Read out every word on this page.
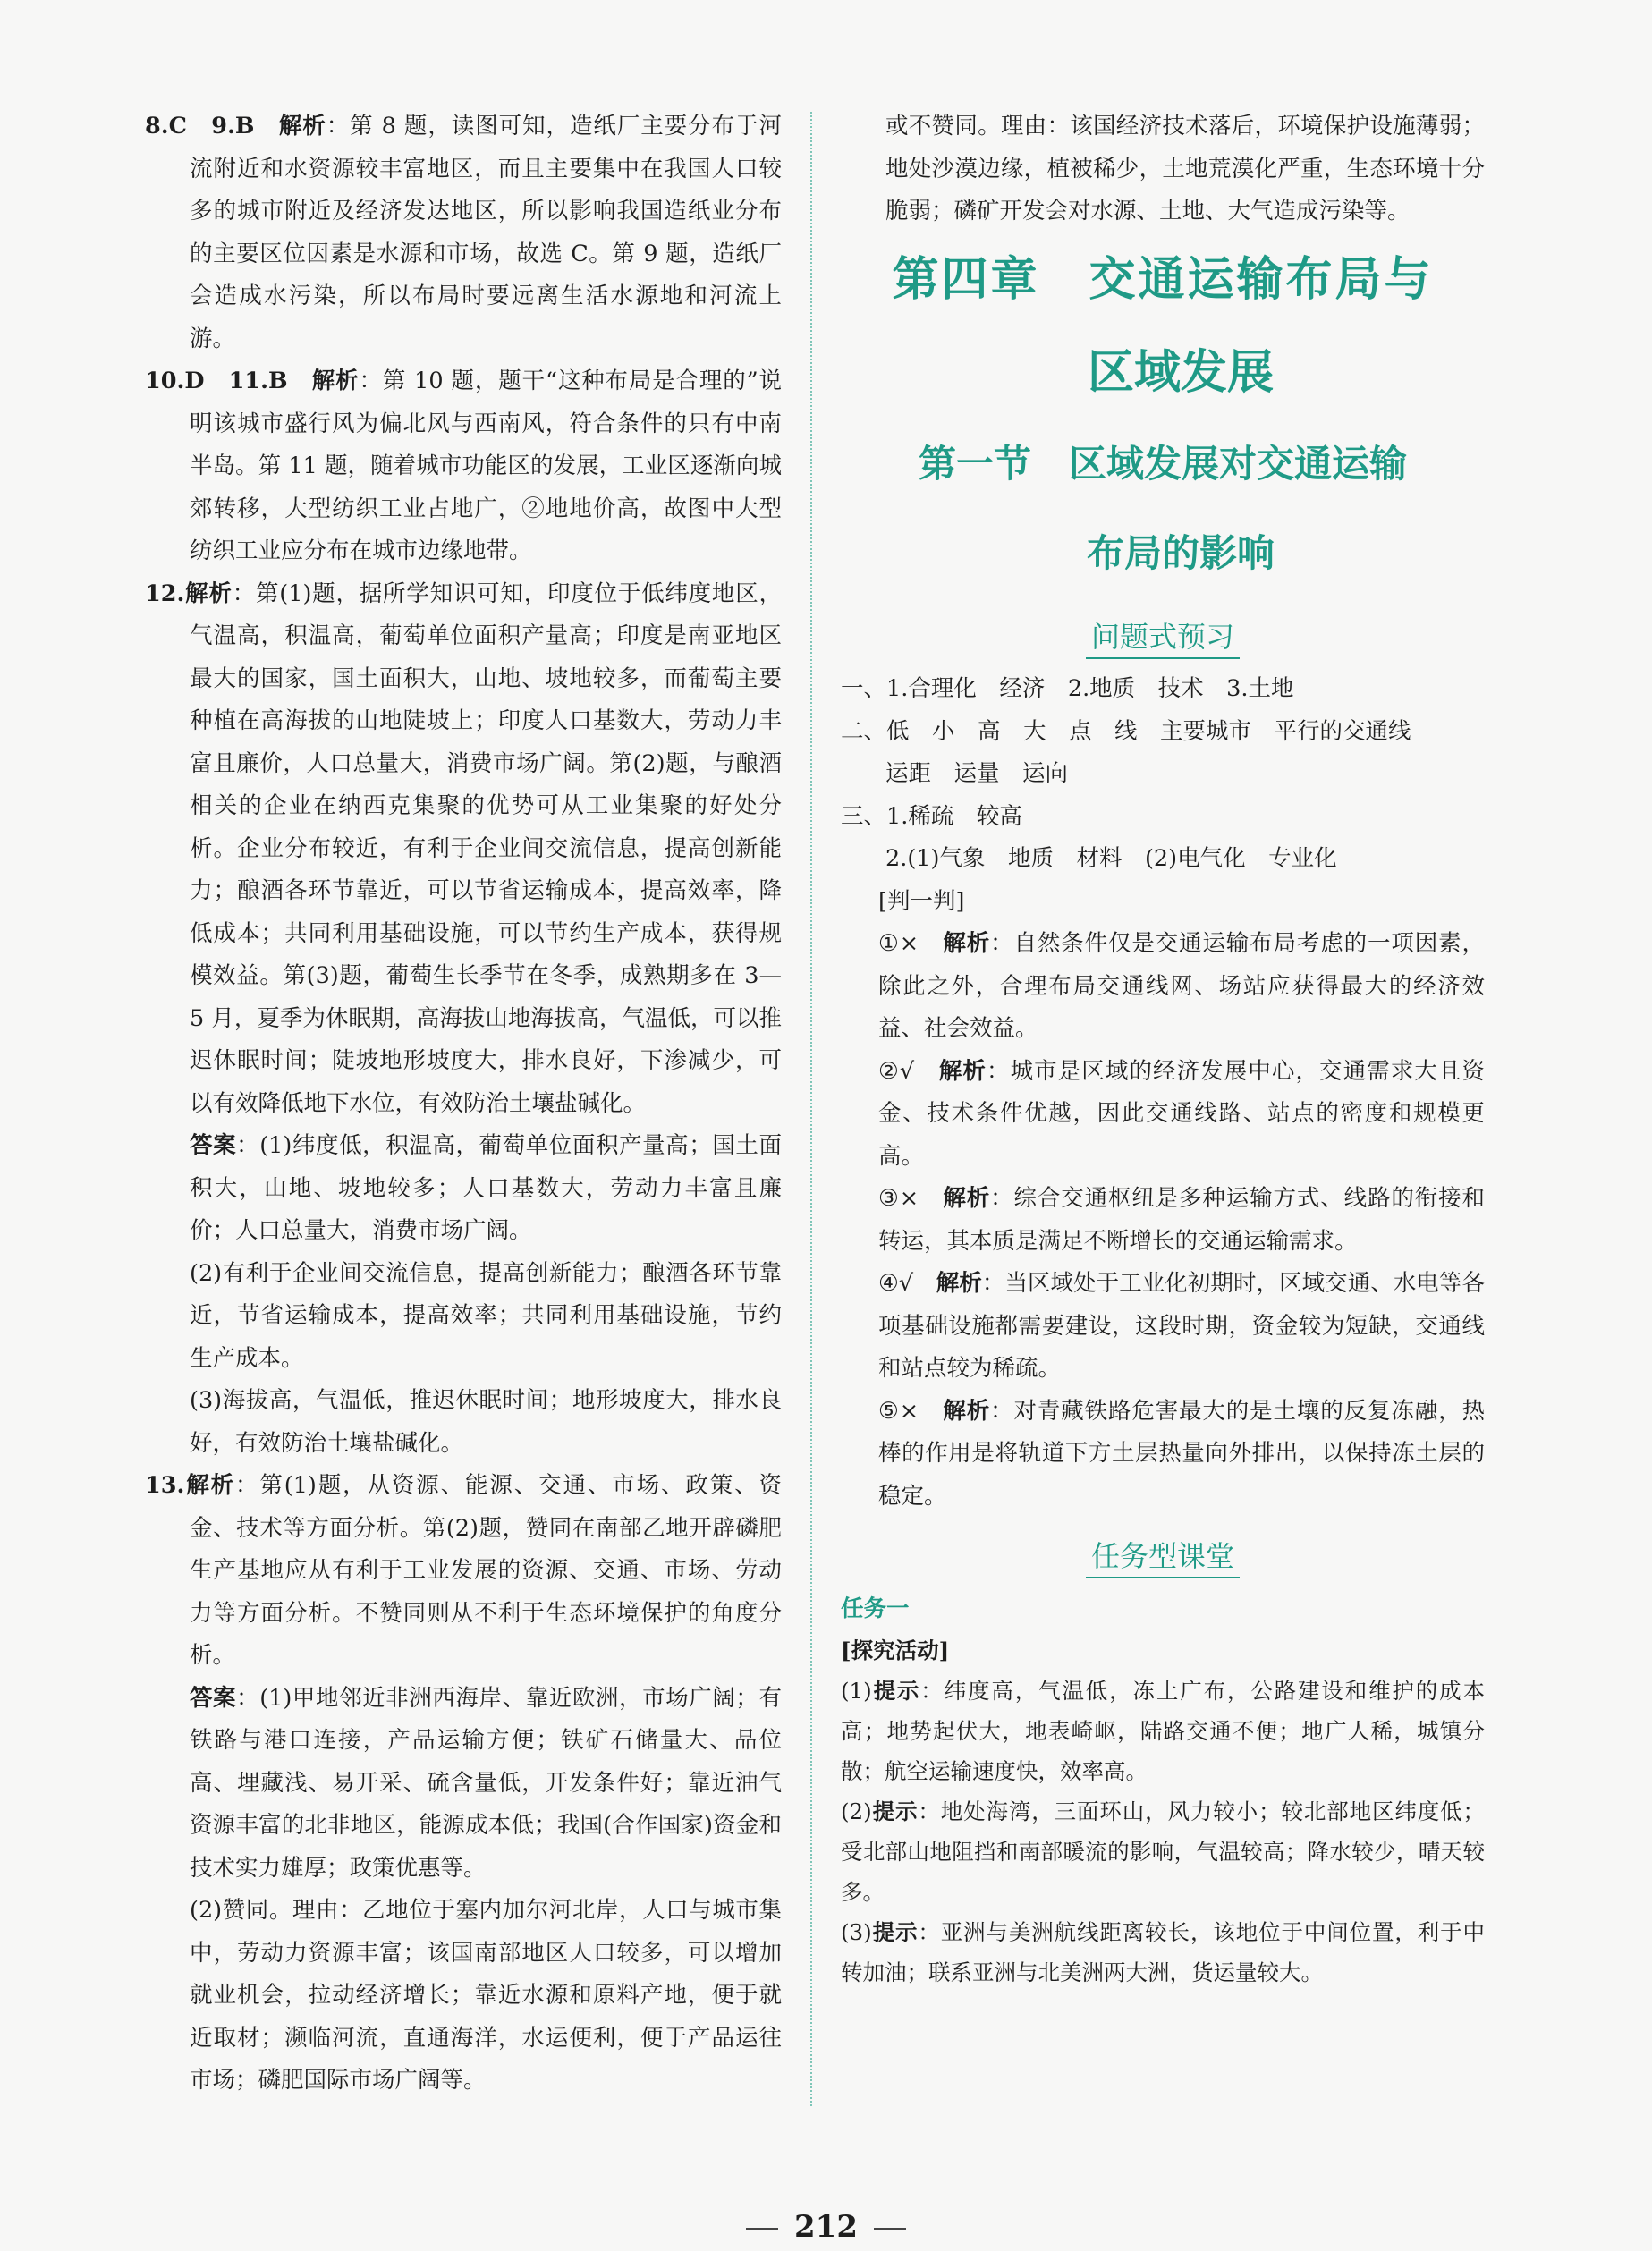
8.C　9.B　解析：第 8 题，读图可知，造纸厂主要分布于河流附近和水资源较丰富地区，而且主要集中在我国人口较多的城市附近及经济发达地区，所以影响我国造纸业分布的主要区位因素是水源和市场，故选 C。第 9 题，造纸厂会造成水污染，所以布局时要远离生活水源地和河流上游。

10.D　11.B　解析：第 10 题，题干“这种布局是合理的”说明该城市盛行风为偏北风与西南风，符合条件的只有中南半岛。第 11 题，随着城市功能区的发展，工业区逐渐向城郊转移，大型纺织工业占地广，②地地价高，故图中大型纺织工业应分布在城市边缘地带。

12.解析：第(1)题，据所学知识可知，印度位于低纬度地区，气温高，积温高，葡萄单位面积产量高；印度是南亚地区最大的国家，国土面积大，山地、坡地较多，而葡萄主要种植在高海拔的山地陡坡上；印度人口基数大，劳动力丰富且廉价，人口总量大，消费市场广阔。第(2)题，与酿酒相关的企业在纳西克集聚的优势可从工业集聚的好处分析。企业分布较近，有利于企业间交流信息，提高创新能力；酿酒各环节靠近，可以节省运输成本，提高效率，降低成本；共同利用基础设施，可以节约生产成本，获得规模效益。第(3)题，葡萄生长季节在冬季，成熟期多在 3—5 月，夏季为休眠期，高海拔山地海拔高，气温低，可以推迟休眠时间；陡坡地形坡度大，排水良好，下渗减少，可以有效降低地下水位，有效防治土壤盐碱化。

答案：(1)纬度低，积温高，葡萄单位面积产量高；国土面积大，山地、坡地较多；人口基数大，劳动力丰富且廉价；人口总量大，消费市场广阔。

(2)有利于企业间交流信息，提高创新能力；酿酒各环节靠近，节省运输成本，提高效率；共同利用基础设施，节约生产成本。

(3)海拔高，气温低，推迟休眠时间；地形坡度大，排水良好，有效防治土壤盐碱化。

13.解析：第(1)题，从资源、能源、交通、市场、政策、资金、技术等方面分析。第(2)题，赞同在南部乙地开辟磷肥生产基地应从有利于工业发展的资源、交通、市场、劳动力等方面分析。不赞同则从不利于生态环境保护的角度分析。

答案：(1)甲地邻近非洲西海岸、靠近欧洲，市场广阔；有铁路与港口连接，产品运输方便；铁矿石储量大、品位高、埋藏浅、易开采、硫含量低，开发条件好；靠近油气资源丰富的北非地区，能源成本低；我国(合作国家)资金和技术实力雄厚；政策优惠等。

(2)赞同。理由：乙地位于塞内加尔河北岸，人口与城市集中，劳动力资源丰富；该国南部地区人口较多，可以增加就业机会，拉动经济增长；靠近水源和原料产地，便于就近取材；濒临河流，直通海洋，水运便利，便于产品运往市场；磷肥国际市场广阔等。

或不赞同。理由：该国经济技术落后，环境保护设施薄弱；地处沙漠边缘，植被稀少，土地荒漠化严重，生态环境十分脆弱；磷矿开发会对水源、土地、大气造成污染等。

第四章　交通运输布局与
区域发展
第一节　区域发展对交通运输
布局的影响
问题式预习

一、1.合理化　经济　2.地质　技术　3.土地

二、低　小　高　大　点　线　主要城市　平行的交通线

运距　运量　运向

三、1.稀疏　较高

2.(1)气象　地质　材料　(2)电气化　专业化

[判一判]

①×　 解析：自然条件仅是交通运输布局考虑的一项因素，除此之外，合理布局交通线网、场站应获得最大的经济效益、社会效益。

②√　 解析：城市是区域的经济发展中心，交通需求大且资金、技术条件优越，因此交通线路、站点的密度和规模更高。

③×　 解析：综合交通枢纽是多种运输方式、线路的衔接和转运，其本质是满足不断增长的交通运输需求。

④√　 解析：当区域处于工业化初期时，区域交通、水电等各项基础设施都需要建设，这段时期，资金较为短缺，交通线和站点较为稀疏。

⑤×　 解析：对青藏铁路危害最大的是土壤的反复冻融，热棒的作用是将轨道下方土层热量向外排出，以保持冻土层的稳定。

任务型课堂

任务一

[探究活动]

(1)提示：纬度高，气温低，冻土广布，公路建设和维护的成本高；地势起伏大，地表崎岖，陆路交通不便；地广人稀，城镇分散；航空运输速度快，效率高。

(2)提示：地处海湾，三面环山，风力较小；较北部地区纬度低；受北部山地阻挡和南部暖流的影响，气温较高；降水较少，晴天较多。

(3)提示：亚洲与美洲航线距离较长，该地位于中间位置，利于中转加油；联系亚洲与北美洲两大洲，货运量较大。

212
